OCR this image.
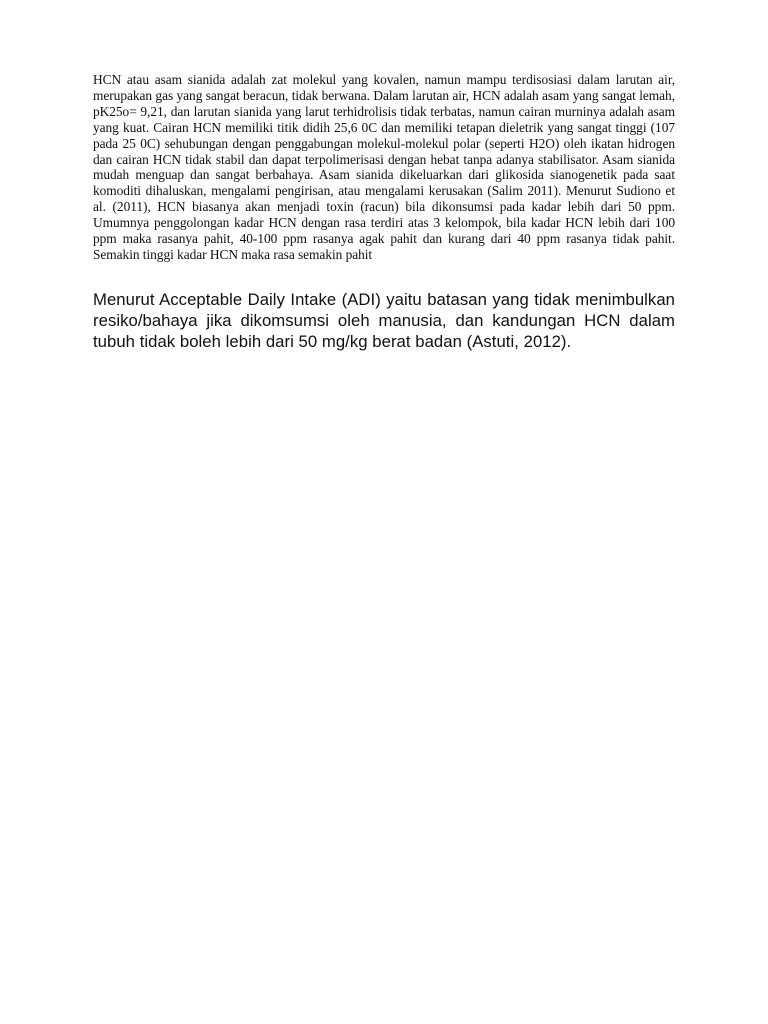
HCN atau asam sianida adalah zat molekul yang kovalen, namun mampu terdisosiasi dalam larutan air, merupakan gas yang sangat beracun, tidak berwana. Dalam larutan air, HCN adalah asam yang sangat lemah, pK25o= 9,21, dan larutan sianida yang larut terhidrolisis tidak terbatas, namun cairan murninya adalah asam yang kuat. Cairan HCN memiliki titik didih 25,6 0C dan memiliki tetapan dieletrik yang sangat tinggi (107 pada 25 0C) sehubungan dengan penggabungan molekul-molekul polar (seperti H2O) oleh ikatan hidrogen dan cairan HCN tidak stabil dan dapat terpolimerisasi dengan hebat tanpa adanya stabilisator. Asam sianida mudah menguap dan sangat berbahaya. Asam sianida dikeluarkan dari glikosida sianogenetik pada saat komoditi dihaluskan, mengalami pengirisan, atau mengalami kerusakan (Salim 2011). Menurut Sudiono et al. (2011), HCN biasanya akan menjadi toxin (racun) bila dikonsumsi pada kadar lebih dari 50 ppm. Umumnya penggolongan kadar HCN dengan rasa terdiri atas 3 kelompok, bila kadar HCN lebih dari 100 ppm maka rasanya pahit, 40-100 ppm rasanya agak pahit dan kurang dari 40 ppm rasanya tidak pahit. Semakin tinggi kadar HCN maka rasa semakin pahit

Menurut Acceptable Daily Intake (ADI) yaitu batasan yang tidak menimbulkan resiko/bahaya jika dikomsumsi oleh manusia, dan kandungan HCN dalam tubuh tidak boleh lebih dari 50 mg/kg berat badan (Astuti, 2012).
